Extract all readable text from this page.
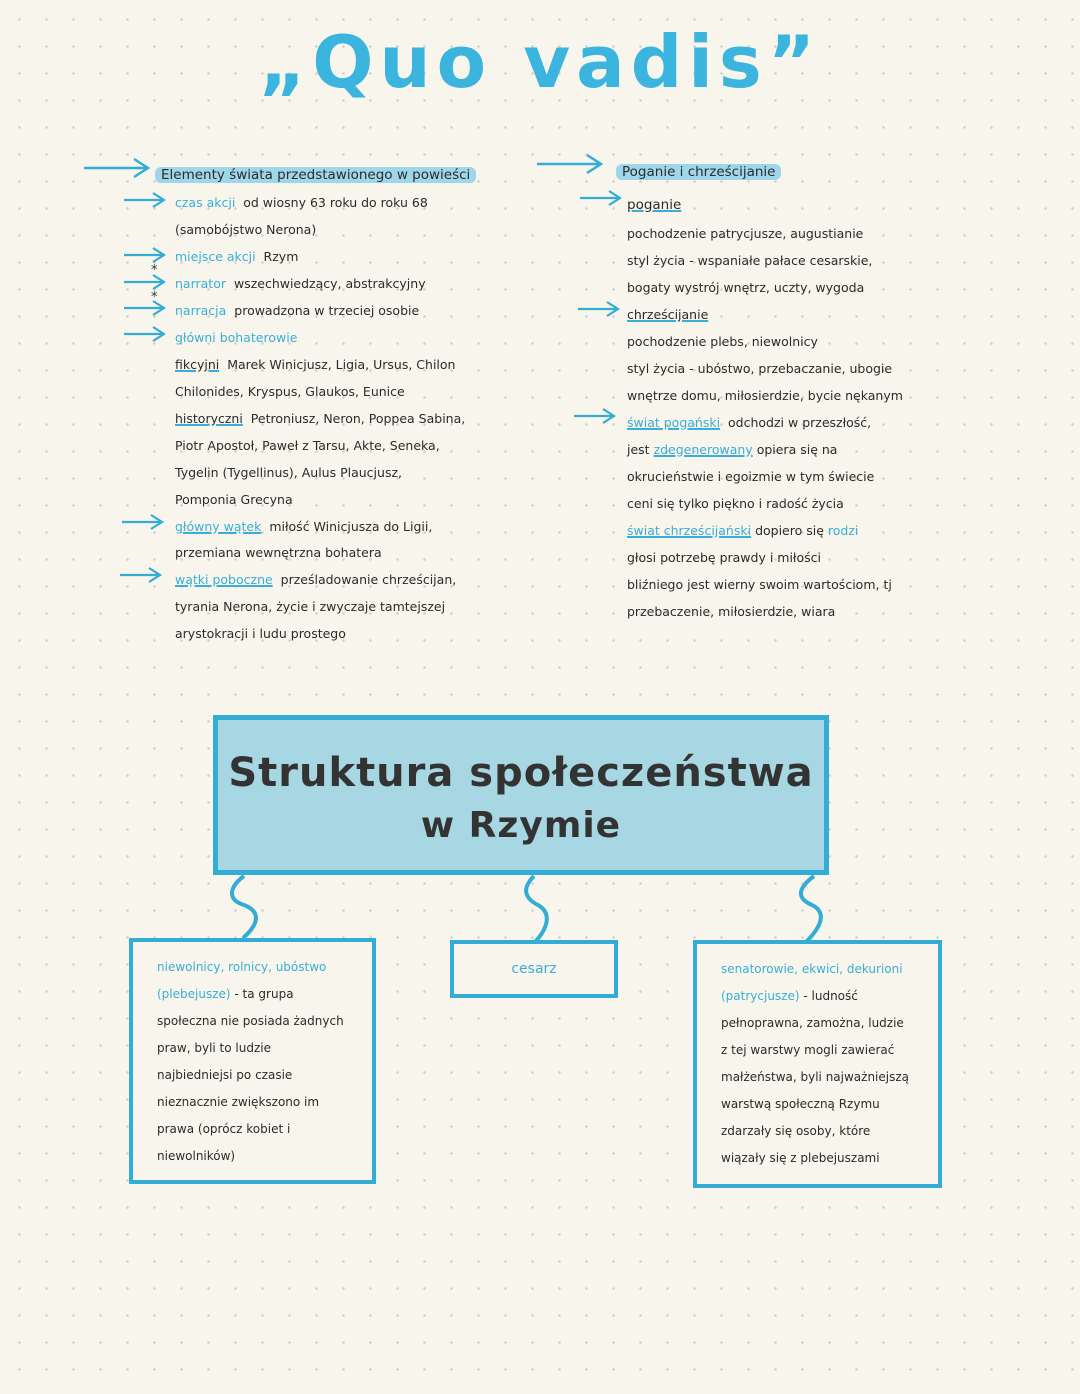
„Quo vadis”
*
*
Elementy świata przedstawionego w powieści
czas akcji od wiosny 63 roku do roku 68
(samobójstwo Nerona)
miejsce akcji Rzym
narrator wszechwiedzący, abstrakcyjny
narracja prowadzona w trzeciej osobie
główni bohaterowie
fikcyjni Marek Winicjusz, Ligia, Ursus, Chilon
Chilonides, Kryspus, Glaukos, Eunice
historyczni Petroniusz, Neron, Poppea Sabina,
Piotr Apostoł, Paweł z Tarsu, Akte, Seneka,
Tygelin (Tygellinus), Aulus Plaucjusz,
Pomponia Grecyna
główny wątek miłość Winicjusza do Ligii,
przemiana wewnętrzna bohatera
wątki poboczne prześladowanie chrześcijan,
tyrania Nerona, życie i zwyczaje tamtejszej
arystokracji i ludu prostego
Poganie i chrześcijanie
poganie
pochodzenie patrycjusze, augustianie
styl życia - wspaniałe pałace cesarskie,
bogaty wystrój wnętrz, uczty, wygoda
chrześcijanie
pochodzenie plebs, niewolnicy
styl życia - ubóstwo, przebaczanie, ubogie
wnętrze domu, miłosierdzie, bycie nękanym
świat pogański odchodzi w przeszłość,
jest zdegenerowany opiera się na
okrucieństwie i egoizmie w tym świecie
ceni się tylko piękno i radość życia
świat chrześcijański dopiero się rodzi
głosi potrzebę prawdy i miłości
bliźniego jest wierny swoim wartościom, tj
przebaczenie, miłosierdzie, wiara
Struktura społeczeństwa
w Rzymie
niewolnicy, rolnicy, ubóstwo
(plebejusze) - ta grupa
społeczna nie posiada żadnych
praw, byli to ludzie
najbiedniejsi po czasie
nieznacznie zwiększono im
prawa (oprócz kobiet i
niewolników)
cesarz	senatorowie, ekwici, dekurioni
(patrycjusze) - ludność
pełnoprawna, zamożna, ludzie
z tej warstwy mogli zawierać
małżeństwa, byli najważniejszą
warstwą społeczną Rzymu
zdarzały się osoby, które
wiązały się z plebejuszami
